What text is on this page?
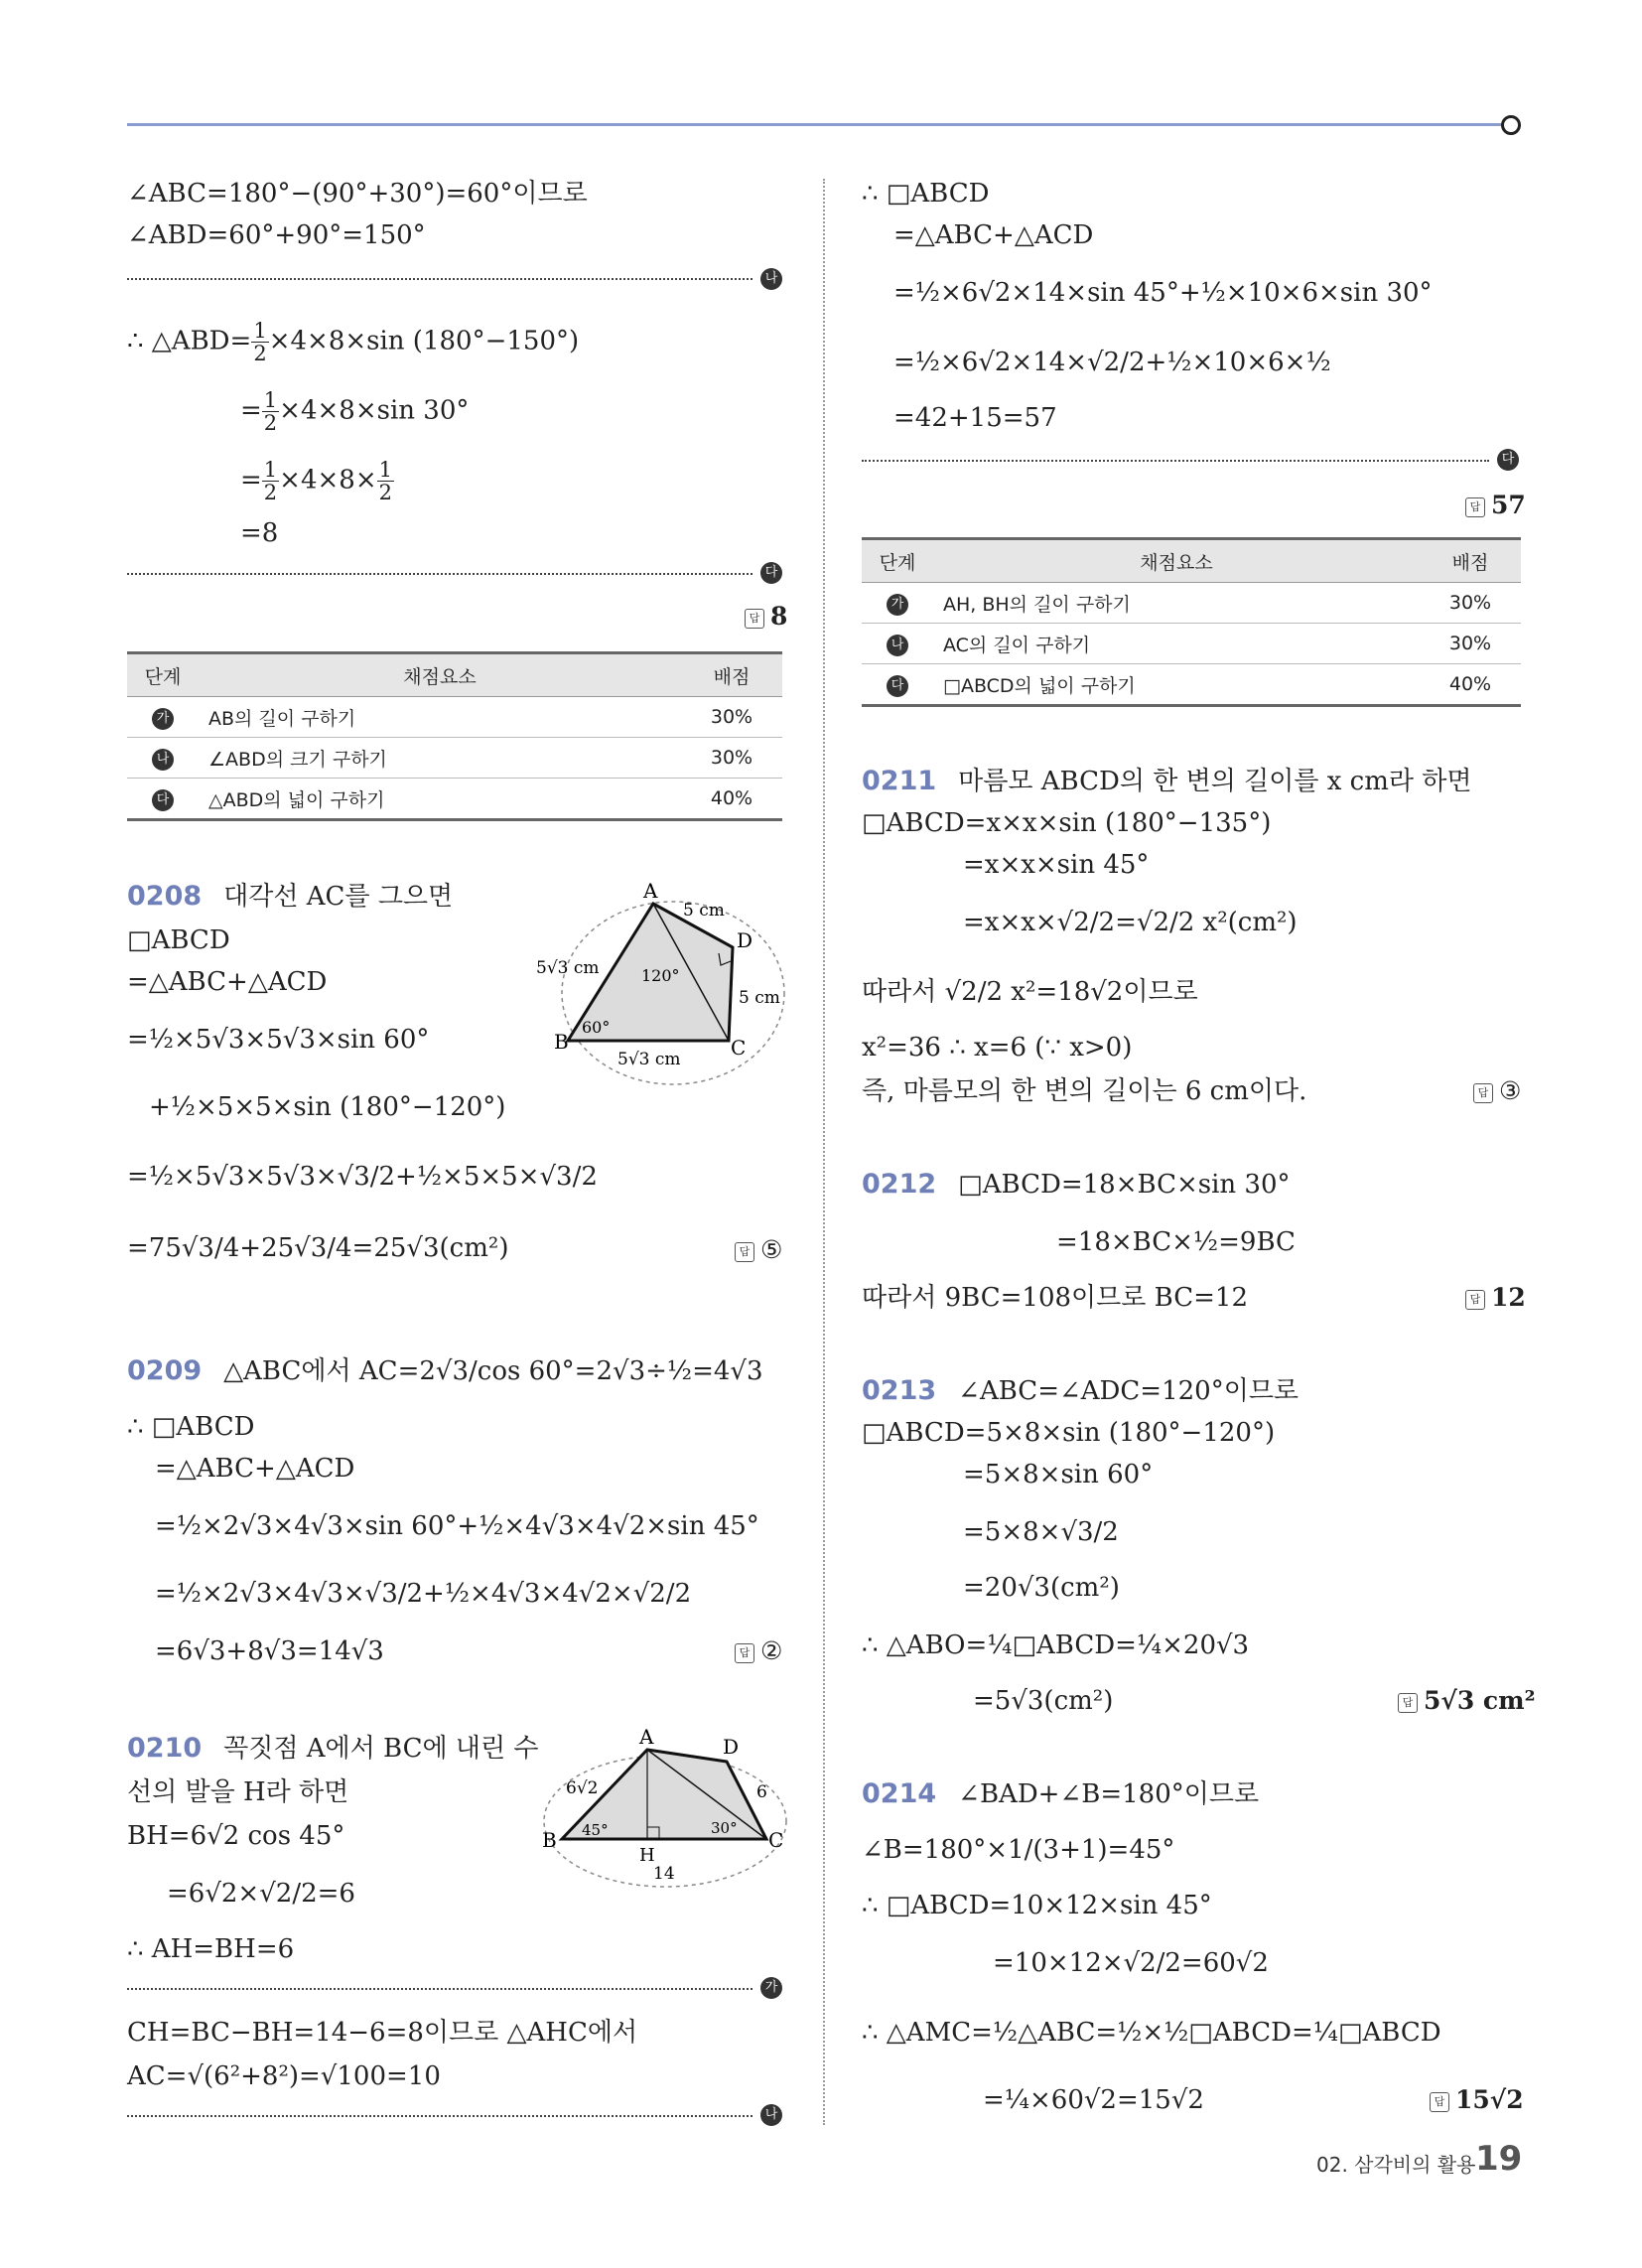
∠ABC=180°−(90°+30°)=60°이므로
∠ABD=60°+90°=150°
나
∴ △ABD= $\frac{1}{2} \times 4\times 8\times\sin$ (180°−150°)
= $\frac{1}{2} \times 4\times 8\times\sin$ 30°
= $\frac{1}{2} \times 4\times 8\times \frac{1}{2}$
=8
다
답 8
단계	채점요소	배점
가	AB의 길이 구하기	30%
나	∠ABD의 크기 구하기	30%
다	△ABD의 넓이 구하기	40%
0208 대각선 AC를 그으면
□ABCD
=△ABC+△ACD
=½×5√3×5√3×sin 60°
+½×5×5×sin (180°−120°)
=½×5√3×5√3×√3/2+½×5×5×√3/2
=75√3/4+25√3/4=25√3(cm²)	답 ⑤
A
D
B	C
5 cm
5 cm
5√3 cm
5√3 cm
60°
120°
0209 △ABC에서 AC=2√3/cos 60°=2√3÷½=4√3
∴ □ABCD
=△ABC+△ACD
=½×2√3×4√3×sin 60°+½×4√3×4√2×sin 45°
=½×2√3×4√3×√3/2+½×4√3×4√2×√2/2
=6√3+8√3=14√3	답 ②
0210 꼭짓점 A에서 BC에 내린 수
선의 발을 H라 하면
BH=6√2 cos 45°
=6√2×√2/2=6
∴ AH=BH=6
가
CH=BC−BH=14−6=8이므로 △AHC에서
AC=√(6²+8²)=√100=10
나
A	D
B	C
H
6√2	6
14
45°	30°
∴ □ABCD
=△ABC+△ACD
=½×6√2×14×sin 45°+½×10×6×sin 30°
=½×6√2×14×√2/2+½×10×6×½
=42+15=57
다
답 57
단계	채점요소	배점
가	AH, BH의 길이 구하기	30%
나	AC의 길이 구하기	30%
다	□ABCD의 넓이 구하기	40%
0211 마름모 ABCD의 한 변의 길이를 x cm라 하면
□ABCD=x×x×sin (180°−135°)
=x×x×sin 45°
=x×x×√2/2=√2/2 x²(cm²)
따라서 √2/2 x²=18√2이므로
x²=36 ∴ x=6 (∵ x>0)
즉, 마름모의 한 변의 길이는 6 cm이다.	답 ③
0212 □ABCD=18×BC×sin 30°
=18×BC×½=9BC
따라서 9BC=108이므로 BC=12	답 12
0213 ∠ABC=∠ADC=120°이므로
□ABCD=5×8×sin (180°−120°)
=5×8×sin 60°
=5×8×√3/2
=20√3(cm²)
∴ △ABO=¼□ABCD=¼×20√3
=5√3(cm²)	답 5√3 cm²
0214 ∠BAD+∠B=180°이므로
∠B=180°×1/(3+1)=45°
∴ □ABCD=10×12×sin 45°
=10×12×√2/2=60√2
∴ △AMC=½△ABC=½×½□ABCD=¼□ABCD
=¼×60√2=15√2	답 15√2
02. 삼각비의 활용 19
